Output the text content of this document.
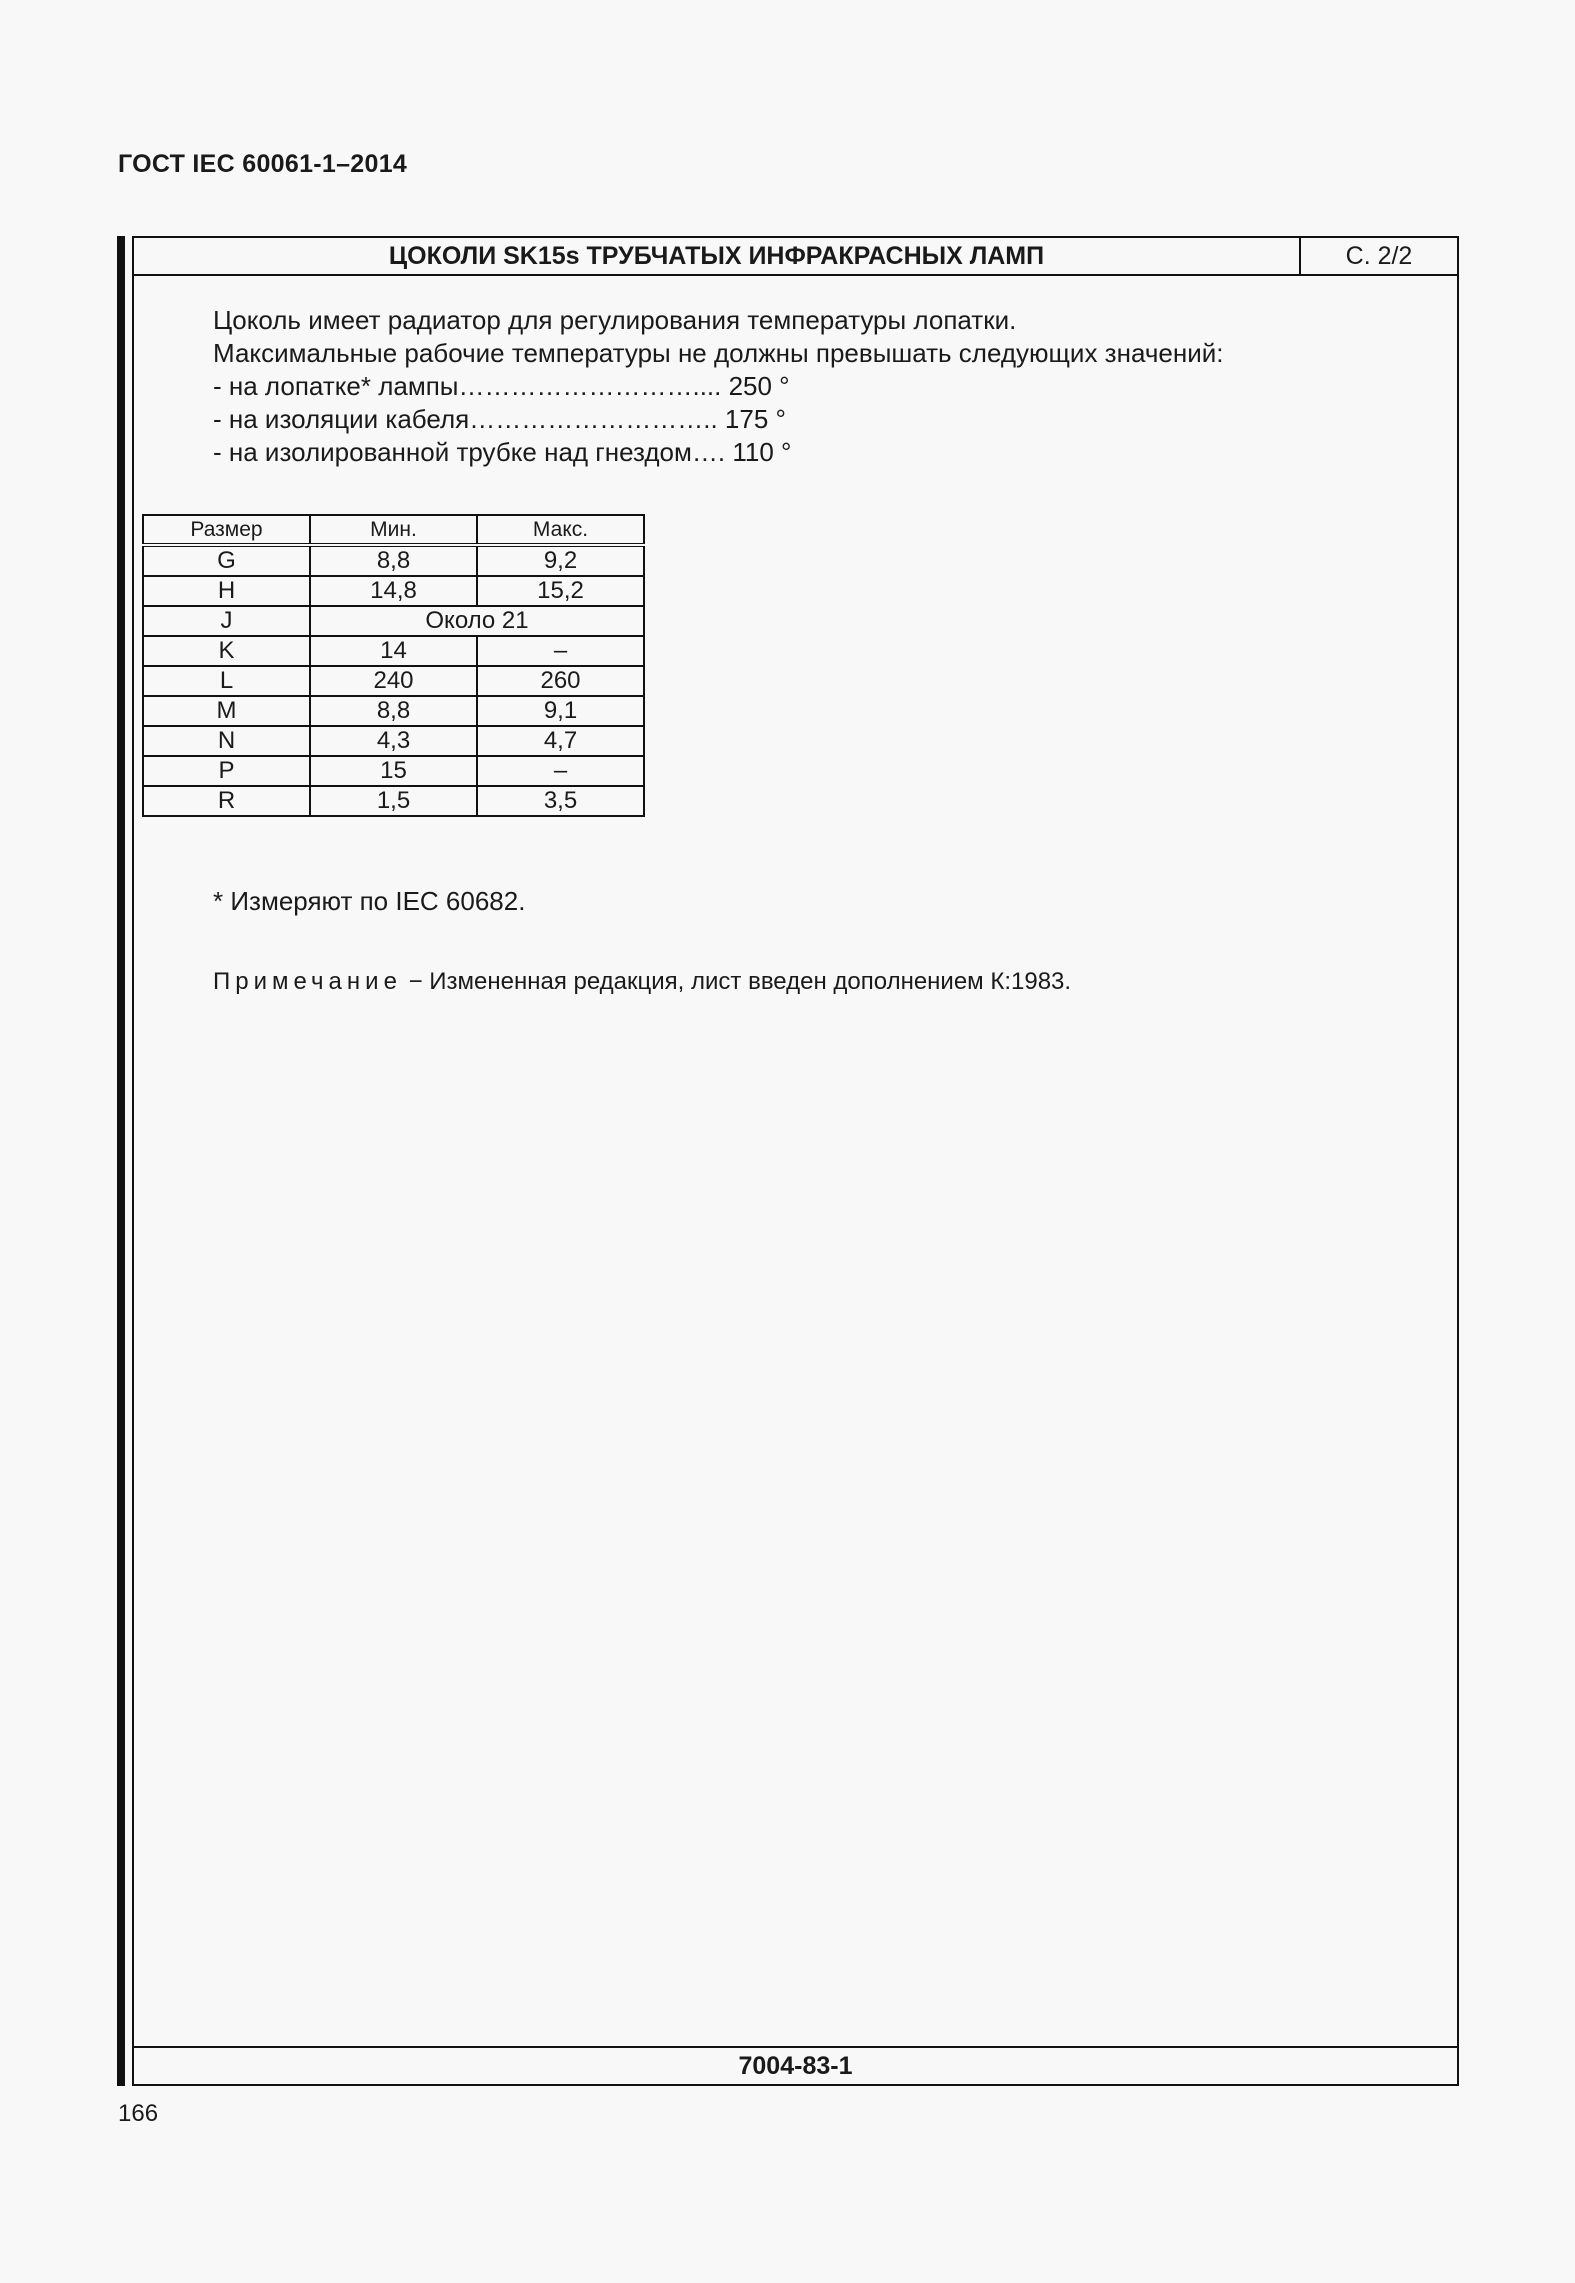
ГОСТ IEC 60061-1–2014
ЦОКОЛИ SK15s ТРУБЧАТЫХ ИНФРАКРАСНЫХ ЛАМП	С. 2/2
Цоколь имеет радиатор для регулирования температуры лопатки.
Максимальные рабочие температуры не должны превышать следующих значений:
- на лопатке* лампы……………………….... 250 °
- на изоляции кабеля……………………….. 175 °
- на изолированной трубке над гнездом…. 110 °
Размер	Мин.	Макс.
G	8,8	9,2
H	14,8	15,2
J	Около 21	
K	14	–
L	240	260
M	8,8	9,1
N	4,3	4,7
P	15	–
R	1,5	3,5
* Измеряют по IEC 60682.
Примечание − Измененная редакция, лист введен дополнением К:1983.
7004-83-1
166
